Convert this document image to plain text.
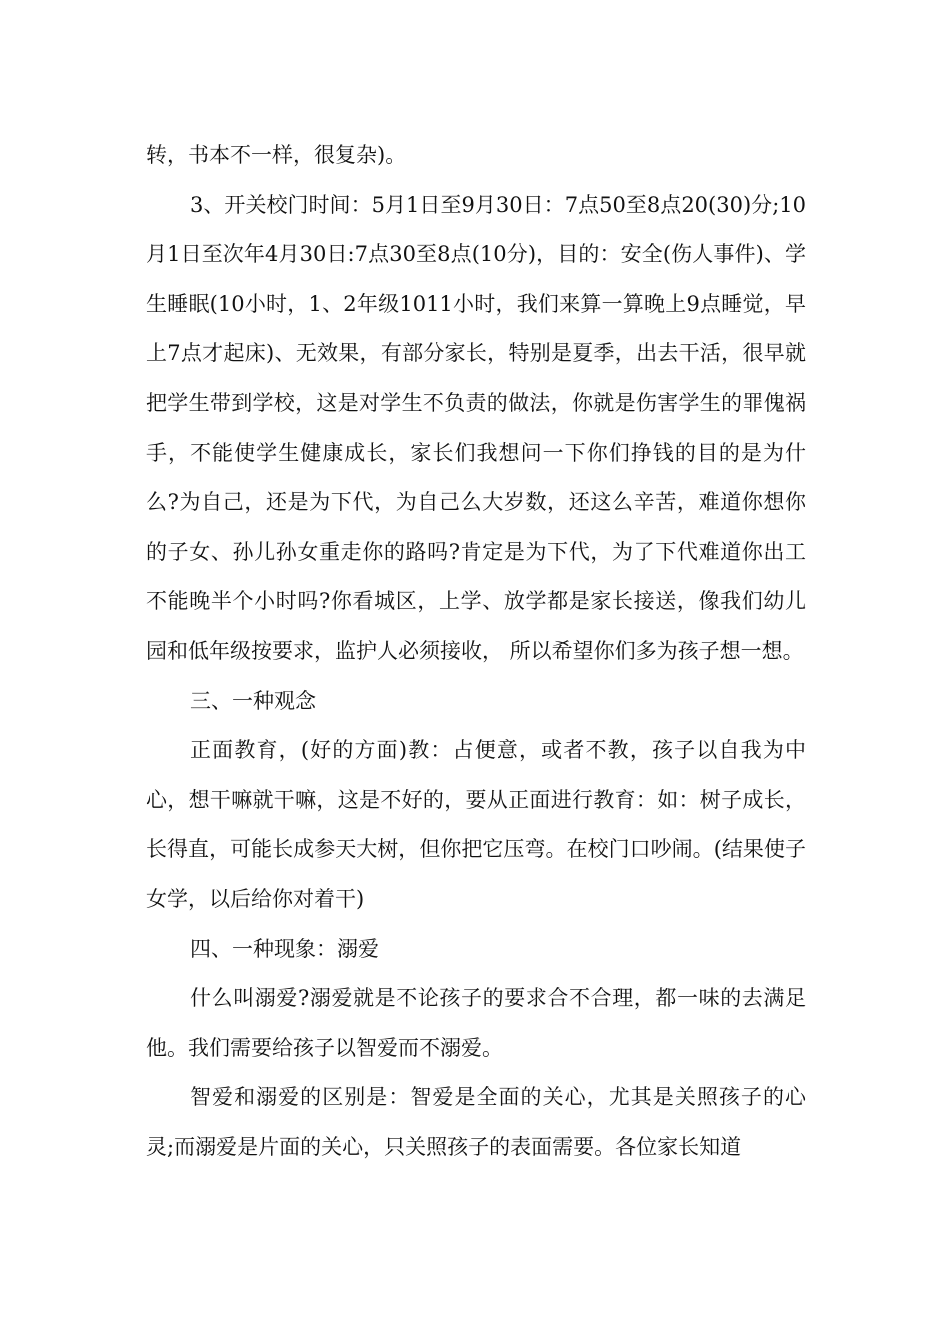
转，书本不一样，很复杂)。

3、开关校门时间：5月1日至9月30日：7点50至8点20(30)分;10月1日至次年4月30日:7点30至8点(10分)，目的：安全(伤人事件)、学生睡眠(10小时，1、2年级1011小时，我们来算一算晚上9点睡觉，早上7点才起床)、无效果，有部分家长，特别是夏季，出去干活，很早就把学生带到学校，这是对学生不负责的做法，你就是伤害学生的罪傀祸手，不能使学生健康成长，家长们我想问一下你们挣钱的目的是为什么?为自己，还是为下代，为自己么大岁数，还这么辛苦，难道你想你的子女、孙儿孙女重走你的路吗?肯定是为下代，为了下代难道你出工不能晚半个小时吗?你看城区，上学、放学都是家长接送，像我们幼儿园和低年级按要求，监护人必须接收， 所以希望你们多为孩子想一想。

三、一种观念

正面教育，(好的方面)教：占便意，或者不教，孩子以自我为中心，想干嘛就干嘛，这是不好的，要从正面进行教育：如：树子成长，长得直，可能长成参天大树，但你把它压弯。在校门口吵闹。(结果使子女学，以后给你对着干)

四、一种现象：溺爱

什么叫溺爱?溺爱就是不论孩子的要求合不合理，都一味的去满足他。我们需要给孩子以智爱而不溺爱。

智爱和溺爱的区别是：智爱是全面的关心，尤其是关照孩子的心灵;而溺爱是片面的关心，只关照孩子的表面需要。各位家长知道
